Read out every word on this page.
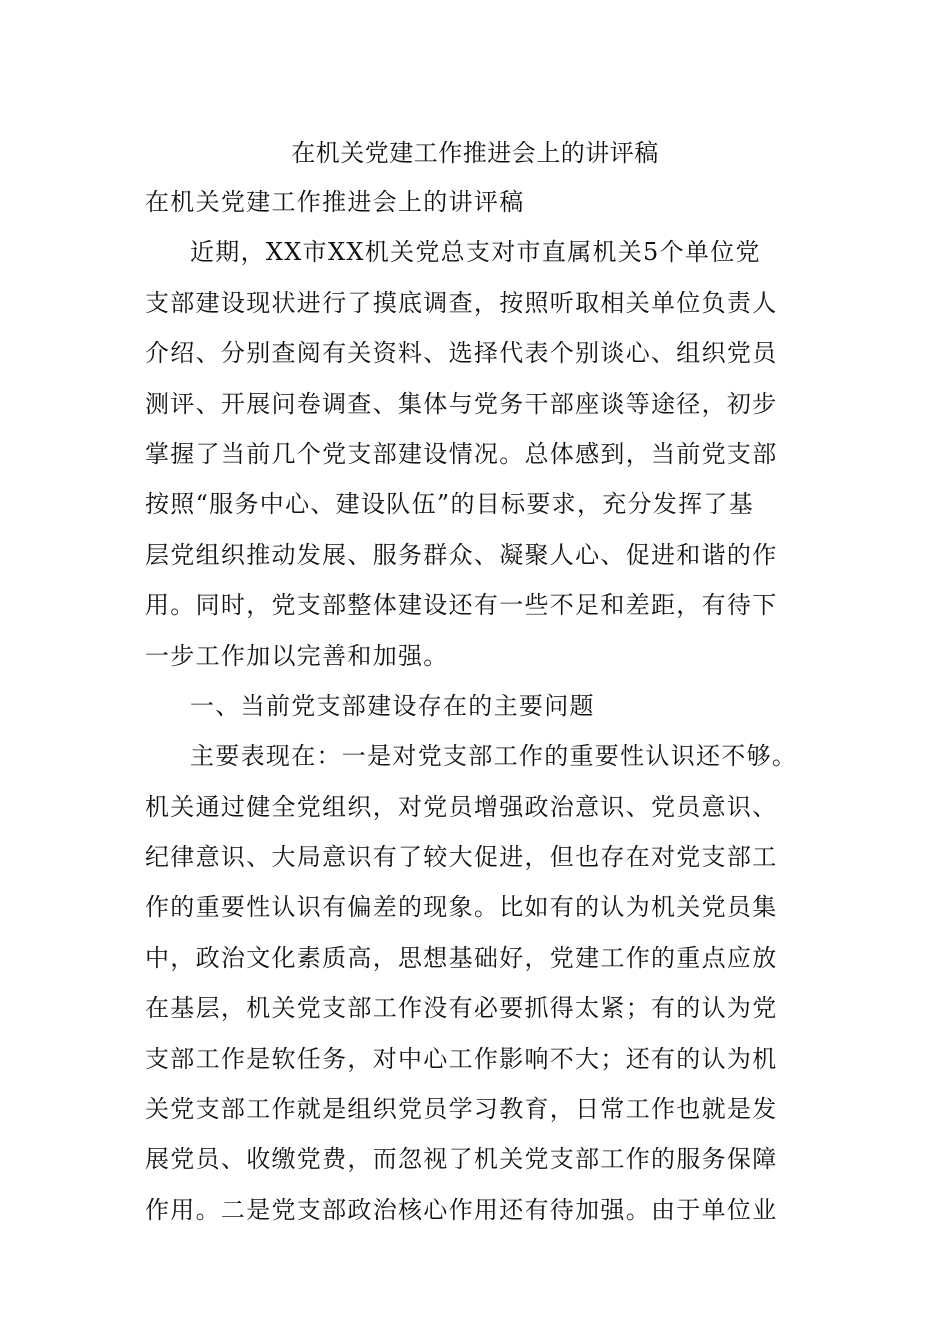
在机关党建工作推进会上的讲评稿
在机关党建工作推进会上的讲评稿
近期，XX市XX机关党总支对市直属机关5个单位党
支部建设现状进行了摸底调查，按照听取相关单位负责人
介绍、分别查阅有关资料、选择代表个别谈心、组织党员
测评、开展问卷调查、集体与党务干部座谈等途径，初步
掌握了当前几个党支部建设情况。总体感到，当前党支部
按照“服务中心、建设队伍”的目标要求，充分发挥了基
层党组织推动发展、服务群众、凝聚人心、促进和谐的作
用。同时，党支部整体建设还有一些不足和差距，有待下
一步工作加以完善和加强。
一、当前党支部建设存在的主要问题
主要表现在：一是对党支部工作的重要性认识还不够。
机关通过健全党组织，对党员增强政治意识、党员意识、
纪律意识、大局意识有了较大促进，但也存在对党支部工
作的重要性认识有偏差的现象。比如有的认为机关党员集
中，政治文化素质高，思想基础好，党建工作的重点应放
在基层，机关党支部工作没有必要抓得太紧；有的认为党
支部工作是软任务，对中心工作影响不大；还有的认为机
关党支部工作就是组织党员学习教育，日常工作也就是发
展党员、收缴党费，而忽视了机关党支部工作的服务保障
作用。二是党支部政治核心作用还有待加强。由于单位业
